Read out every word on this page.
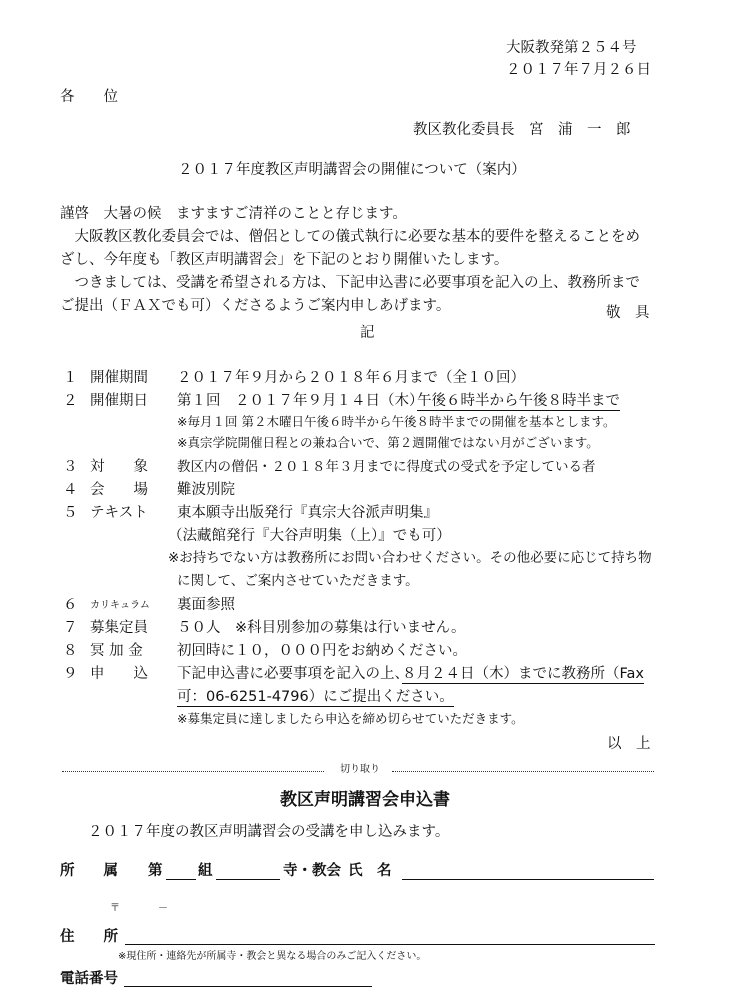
大阪教発第２５４号
２０１７年７月２６日
各　　位
教区教化委員長　宮　浦　一　郎
２０１７年度教区声明講習会の開催について（案内）
謹啓　大暑の候　ますますご清祥のことと存じます。
　大阪教区教化委員会では、僧侶としての儀式執行に必要な基本的要件を整えることをめ
ざし、今年度も「教区声明講習会」を下記のとおり開催いたします。
　つきましては、受講を希望される方は、下記申込書に必要事項を記入の上、教務所まで
ご提出（ＦＡＸでも可）くださるようご案内申しあげます。	敬　具
記
１ 開催期間 ２０１７年９月から２０１８年６月まで（全１０回）
２ 開催期日 第１回　２０１７年９月１４日（木）
午後６時半から午後８時半まで
※毎月１回 第２木曜日午後６時半から午後８時半までの開催を基本とします。
※真宗学院開催日程との兼ね合いで、第２週開催ではない月がございます。
３ 対　　象 教区内の僧侶・２０１８年３月までに得度式の受式を予定している者
４ 会　　場 難波別院
５ テキスト 東本願寺出版発行『真宗大谷派声明集』
（法藏館発行『大谷声明集（上）』でも可）
※お持ちでない方は教務所にお問い合わせください。その他必要に応じて持ち物
に関して、ご案内させていただきます。
６ カリキュラム 裏面参照
７ 募集定員 ５０人　※科目別参加の募集は行いません。
８ 冥 加 金 初回時に１０，０００円をお納めください。
９ 申　　込 下記申込書に必要事項を記入の上、
８月２４日（木）までに教務所（Fax
可：06-6251-4796）にご提出ください。
※募集定員に達しましたら申込を締め切らせていただきます。
以　上
切り取り
教区声明講習会申込書
２０１７年度の教区声明講習会の受講を申し込みます。
所　　属 第 組	寺・教会 氏　名
〒	－
住　　所
※現住所・連絡先が所属寺・教会と異なる場合のみご記入ください。
電話番号
